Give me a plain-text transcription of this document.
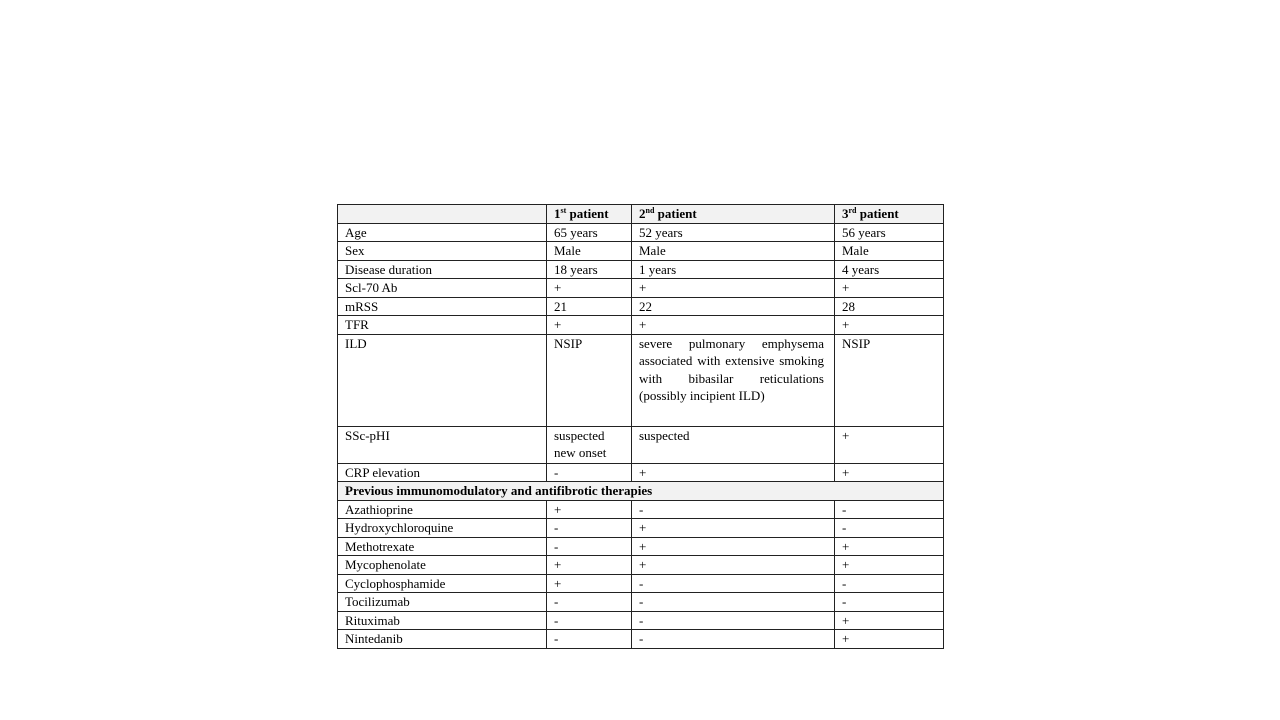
	1st patient	2nd patient	3rd patient
Age	65 years	52 years	56 years
Sex	Male	Male	Male
Disease duration	18 years	1 years	4 years
Scl-70 Ab	+	+	+
mRSS	21	22	28
TFR	+	+	+
ILD	NSIP	severe pulmonary emphysema associated with extensive smoking with bibasilar reticulations (possibly incipient ILD)	NSIP
SSc-pHI	suspected new onset	suspected	+
CRP elevation	-	+	+
Previous immunomodulatory and antifibrotic therapies			
Azathioprine	+	-	-
Hydroxychloroquine	-	+	-
Methotrexate	-	+	+
Mycophenolate	+	+	+
Cyclophosphamide	+	-	-
Tocilizumab	-	-	-
Rituximab	-	-	+
Nintedanib	-	-	+
